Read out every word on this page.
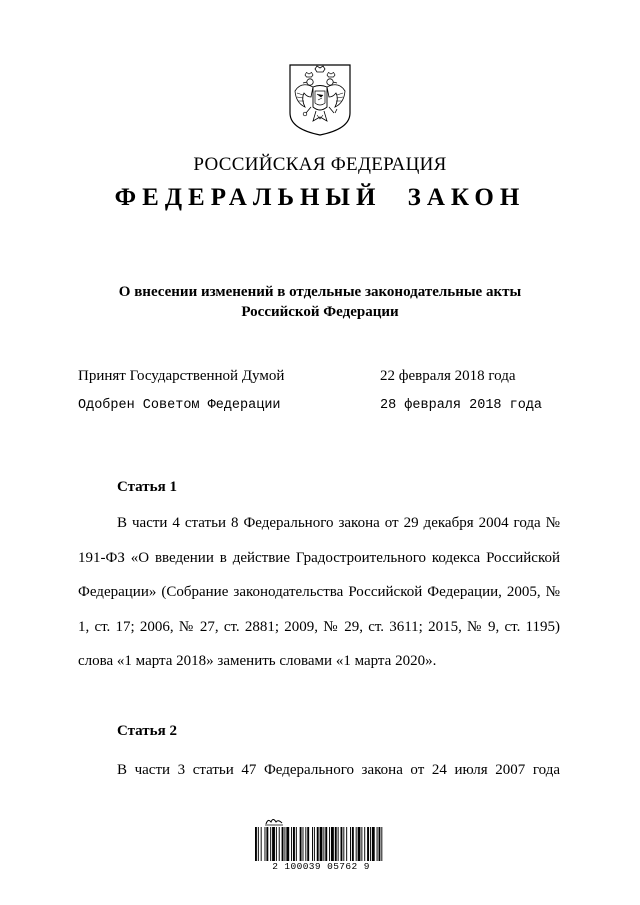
РОССИЙСКАЯ ФЕДЕРАЦИЯ
ФЕДЕРАЛЬНЫЙ ЗАКОН
О внесении изменений в отдельные законодательные акты
Российской Федерации
Принят Государственной Думой	22 февраля 2018 года
Одобрен Советом Федерации	28 февраля 2018 года
Статья 1

В части 4 статьи 8 Федерального закона от 29 декабря 2004 года № 191-ФЗ «О введении в действие Градостроительного кодекса Российской Федерации» (Собрание законодательства Российской Федерации, 2005, № 1, ст. 17; 2006, № 27, ст. 2881; 2009, № 29, ст. 3611; 2015, № 9, ст. 1195) слова «1 марта 2018» заменить словами «1 марта 2020».

Статья 2
В части 3 статьи 47 Федерального закона от 24 июля 2007 года
2 100039 05762 9
